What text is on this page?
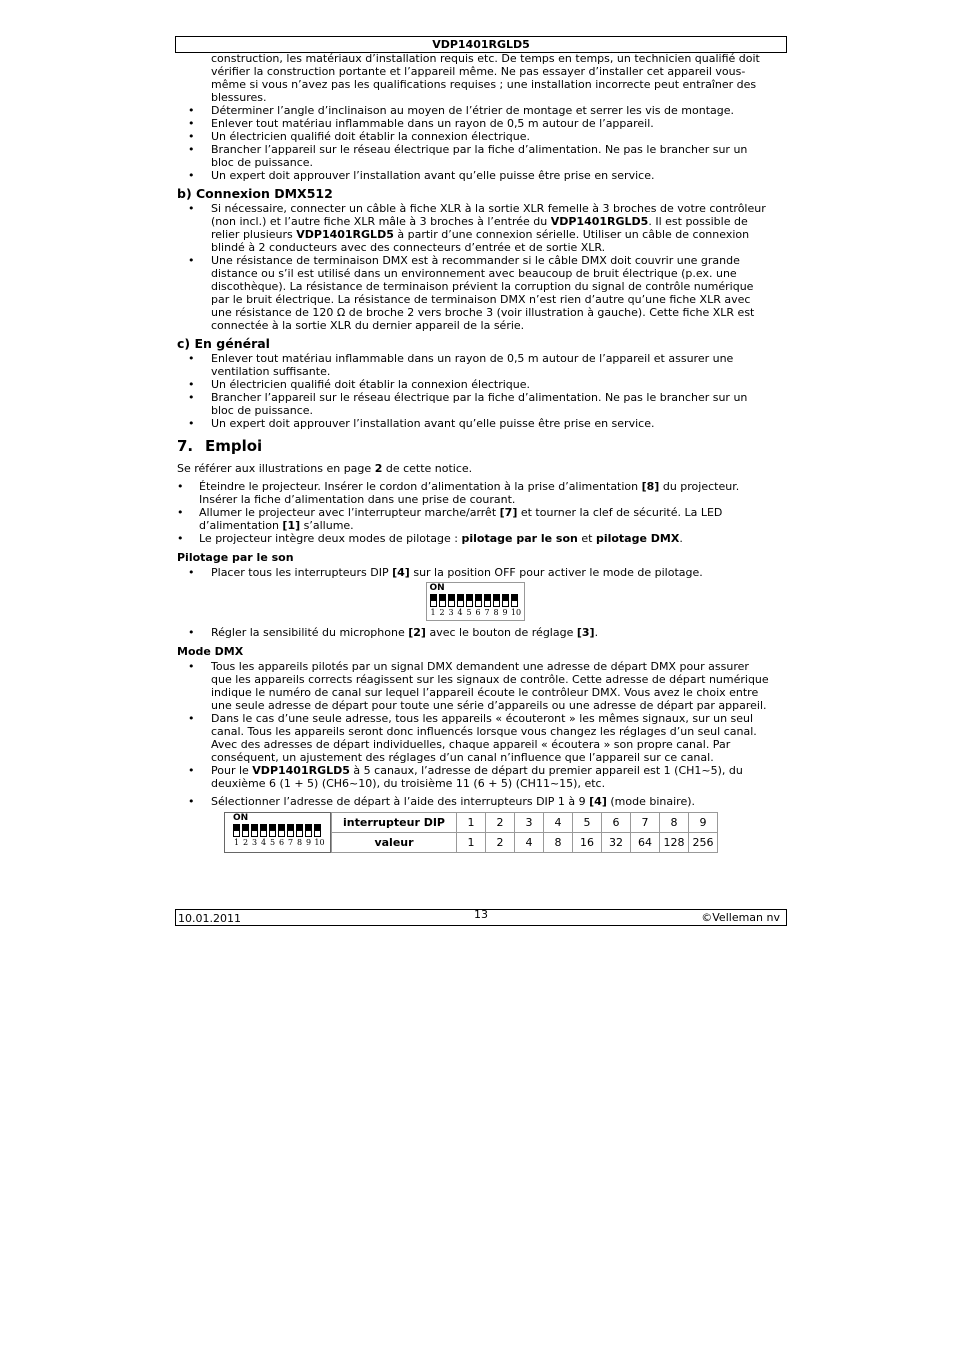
VDP1401RGLD5

construction, les matériaux d’installation requis etc. De temps en temps, un technicien qualifié doit vérifier la construction portante et l’appareil même. Ne pas essayer d’installer cet appareil vous-même si vous n’avez pas les qualifications requises ; une installation incorrecte peut entraîner des blessures.

• Déterminer l’angle d’inclinaison au moyen de l’étrier de montage et serrer les vis de montage.
• Enlever tout matériau inflammable dans un rayon de 0,5 m autour de l’appareil.
• Un électricien qualifié doit établir la connexion électrique.
• Brancher l’appareil sur le réseau électrique par la fiche d’alimentation. Ne pas le brancher sur un bloc de puissance.
• Un expert doit approuver l’installation avant qu’elle puisse être prise en service.
b) Connexion DMX512
• Si nécessaire, connecter un câble à fiche XLR à la sortie XLR femelle à 3 broches de votre contrôleur (non incl.) et l’autre fiche XLR mâle à 3 broches à l’entrée du VDP1401RGLD5. Il est possible de relier plusieurs VDP1401RGLD5 à partir d’une connexion sérielle. Utiliser un câble de connexion blindé à 2 conducteurs avec des connecteurs d’entrée et de sortie XLR.
• Une résistance de terminaison DMX est à recommander si le câble DMX doit couvrir une grande distance ou s’il est utilisé dans un environnement avec beaucoup de bruit électrique (p.ex. une discothèque). La résistance de terminaison prévient la corruption du signal de contrôle numérique par le bruit électrique. La résistance de terminaison DMX n’est rien d’autre qu’une fiche XLR avec une résistance de 120 Ω de broche 2 vers broche 3 (voir illustration à gauche). Cette fiche XLR est connectée à la sortie XLR du dernier appareil de la série.
c) En général
• Enlever tout matériau inflammable dans un rayon de 0,5 m autour de l’appareil et assurer une ventilation suffisante.
• Un électricien qualifié doit établir la connexion électrique.
• Brancher l’appareil sur le réseau électrique par la fiche d’alimentation. Ne pas le brancher sur un bloc de puissance.
• Un expert doit approuver l’installation avant qu’elle puisse être prise en service.
7. Emploi

Se référer aux illustrations en page 2 de cette notice.

• Éteindre le projecteur. Insérer le cordon d’alimentation à la prise d’alimentation [8] du projecteur. Insérer la fiche d’alimentation dans une prise de courant.
• Allumer le projecteur avec l’interrupteur marche/arrêt [7] et tourner la clef de sécurité. La LED d’alimentation [1] s’allume.
• Le projecteur intègre deux modes de pilotage : pilotage par le son et pilotage DMX.
Pilotage par le son
• Placer tous les interrupteurs DIP [4] sur la position OFF pour activer le mode de pilotage.
ON
1 2 3 4 5 6 7 8 9 10
• Régler la sensibilité du microphone [2] avec le bouton de réglage [3].
Mode DMX
• Tous les appareils pilotés par un signal DMX demandent une adresse de départ DMX pour assurer que les appareils corrects réagissent sur les signaux de contrôle. Cette adresse de départ numérique indique le numéro de canal sur lequel l’appareil écoute le contrôleur DMX. Vous avez le choix entre une seule adresse de départ pour toute une série d’appareils ou une adresse de départ par appareil.
• Dans le cas d’une seule adresse, tous les appareils « écouteront » les mêmes signaux, sur un seul canal. Tous les appareils seront donc influencés lorsque vous changez les réglages d’un seul canal. Avec des adresses de départ individuelles, chaque appareil « écoutera » son propre canal. Par conséquent, un ajustement des réglages d’un canal n’influence que l’appareil sur ce canal.
• Pour le VDP1401RGLD5 à 5 canaux, l’adresse de départ du premier appareil est 1 (CH1~5), du deuxième 6 (1 + 5) (CH6~10), du troisième 11 (6 + 5) (CH11~15), etc.
• Sélectionner l’adresse de départ à l’aide des interrupteurs DIP 1 à 9 [4] (mode binaire).
ON
1 2 3 4 5 6 7 8 9 10
interrupteur DIP	1	2	3	4	5	6	7	8	9
valeur	1	2	4	8	16	32	64	128	256
10.01.2011	13	©Velleman nv
